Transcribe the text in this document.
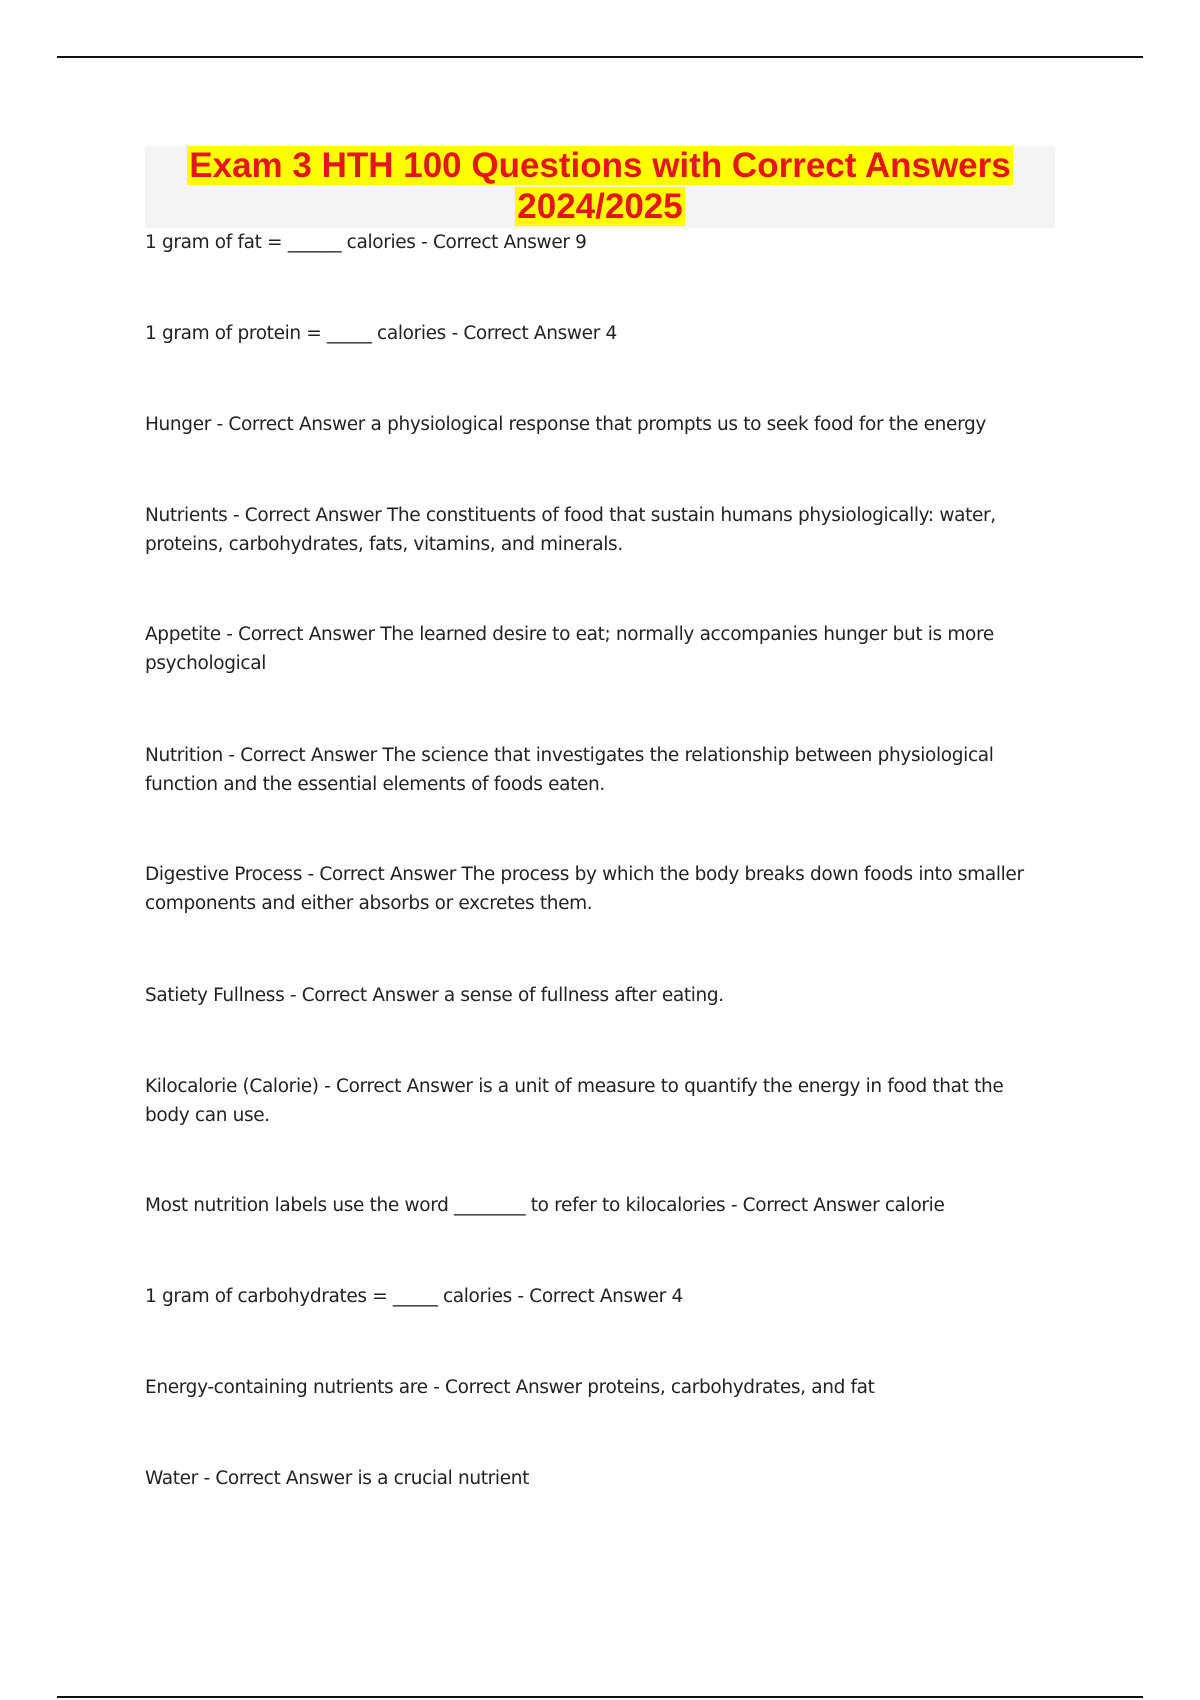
Exam 3 HTH 100 Questions with Correct Answers
2024/2025

1 gram of fat = ______ calories - Correct Answer 9

1 gram of protein = _____ calories - Correct Answer 4

Hunger - Correct Answer a physiological response that prompts us to seek food for the energy

Nutrients - Correct Answer The constituents of food that sustain humans physiologically: water, proteins, carbohydrates, fats, vitamins, and minerals.

Appetite - Correct Answer The learned desire to eat; normally accompanies hunger but is more psychological

Nutrition - Correct Answer The science that investigates the relationship between physiological function and the essential elements of foods eaten.

Digestive Process - Correct Answer The process by which the body breaks down foods into smaller components and either absorbs or excretes them.

Satiety Fullness - Correct Answer a sense of fullness after eating.

Kilocalorie (Calorie) - Correct Answer is a unit of measure to quantify the energy in food that the body can use.

Most nutrition labels use the word ________ to refer to kilocalories - Correct Answer calorie

1 gram of carbohydrates = _____ calories - Correct Answer 4

Energy-containing nutrients are - Correct Answer proteins, carbohydrates, and fat

Water - Correct Answer is a crucial nutrient
